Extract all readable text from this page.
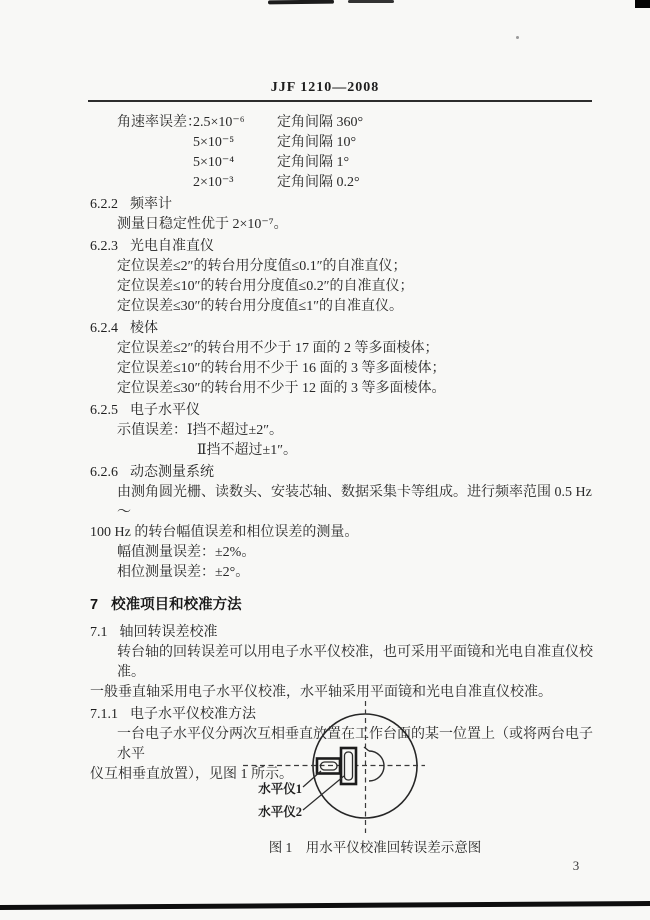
JJF 1210—2008
角速率误差：2.5×10⁻⁶ 定角间隔 360°
5×10⁻⁵	定角间隔 10°
5×10⁻⁴	定角间隔 1°
2×10⁻³	定角间隔 0.2°

6.2.2 频率计

测量日稳定性优于 2×10⁻⁷。

6.2.3 光电自准直仪

定位误差≤2″的转台用分度值≤0.1″的自准直仪；

定位误差≤10″的转台用分度值≤0.2″的自准直仪；

定位误差≤30″的转台用分度值≤1″的自准直仪。

6.2.4 棱体

定位误差≤2″的转台用不少于 17 面的 2 等多面棱体；

定位误差≤10″的转台用不少于 16 面的 3 等多面棱体；

定位误差≤30″的转台用不少于 12 面的 3 等多面棱体。

6.2.5 电子水平仪

示值误差：Ⅰ挡不超过±2″。

Ⅱ挡不超过±1″。

6.2.6 动态测量系统

由测角圆光栅、读数头、安装芯轴、数据采集卡等组成。进行频率范围 0.5 Hz～

100 Hz 的转台幅值误差和相位误差的测量。

幅值测量误差：±2%。

相位测量误差：±2°。

7 校准项目和校准方法

7.1 轴回转误差校准

转台轴的回转误差可以用电子水平仪校准，也可采用平面镜和光电自准直仪校准。

一般垂直轴采用电子水平仪校准，水平轴采用平面镜和光电自准直仪校准。

7.1.1 电子水平仪校准方法

一台电子水平仪分两次互相垂直放置在工作台面的某一位置上（或将两台电子水平

仪互相垂直放置），见图 1 所示。

水平仪1
水平仪2
图 1　用水平仪校准回转误差示意图
3
